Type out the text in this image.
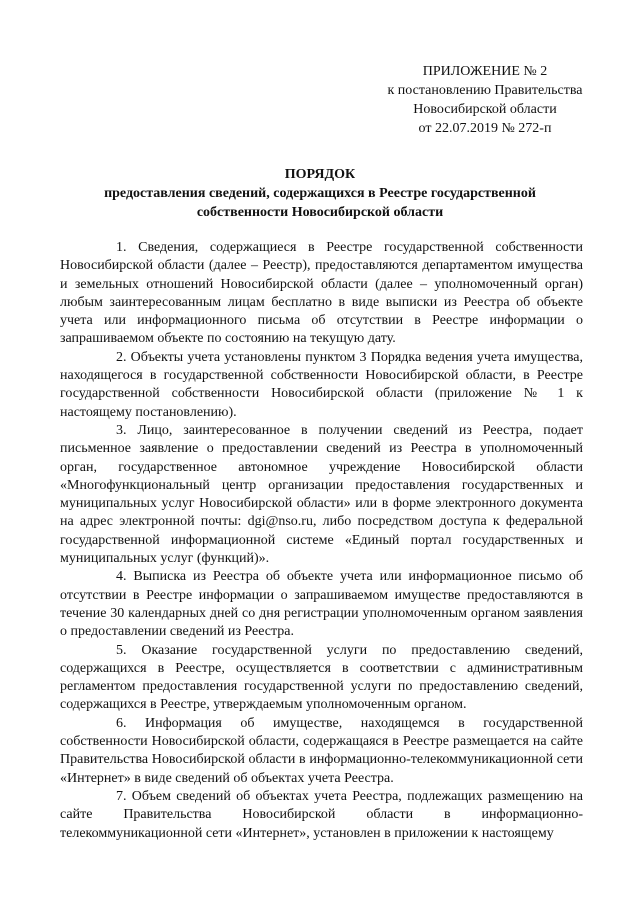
ПРИЛОЖЕНИЕ № 2
к постановлению Правительства
Новосибирской области
от 22.07.2019 № 272-п
ПОРЯДОК
предоставления сведений, содержащихся в Реестре государственной
собственности Новосибирской области

1. Сведения, содержащиеся в Реестре государственной собственности Новосибирской области (далее – Реестр), предоставляются департаментом имущества и земельных отношений Новосибирской области (далее – уполномоченный орган) любым заинтересованным лицам бесплатно в виде выписки из Реестра об объекте учета или информационного письма об отсутствии в Реестре информации о запрашиваемом объекте по состоянию на текущую дату.

2. Объекты учета установлены пунктом 3 Порядка ведения учета имущества, находящегося в государственной собственности Новосибирской области, в Реестре государственной собственности Новосибирской области (приложение № 1 к настоящему постановлению).

3. Лицо, заинтересованное в получении сведений из Реестра, подает письменное заявление о предоставлении сведений из Реестра в уполномоченный орган, государственное автономное учреждение Новосибирской области «Многофункциональный центр организации предоставления государственных и муниципальных услуг Новосибирской области» или в форме электронного документа на адрес электронной почты: dgi@nso.ru, либо посредством доступа к федеральной государственной информационной системе «Единый портал государственных и муниципальных услуг (функций)».

4. Выписка из Реестра об объекте учета или информационное письмо об отсутствии в Реестре информации о запрашиваемом имуществе предоставляются в течение 30 календарных дней со дня регистрации уполномоченным органом заявления о предоставлении сведений из Реестра.

5. Оказание государственной услуги по предоставлению сведений, содержащихся в Реестре, осуществляется в соответствии с административным регламентом предоставления государственной услуги по предоставлению сведений, содержащихся в Реестре, утверждаемым уполномоченным органом.

6. Информация об имуществе, находящемся в государственной собственности Новосибирской области, содержащаяся в Реестре размещается на сайте Правительства Новосибирской области в информационно-телекоммуникационной сети «Интернет» в виде сведений об объектах учета Реестра.

7. Объем сведений об объектах учета Реестра, подлежащих размещению на сайте Правительства Новосибирской области в информационно-телекоммуникационной сети «Интернет», установлен в приложении к настоящему
